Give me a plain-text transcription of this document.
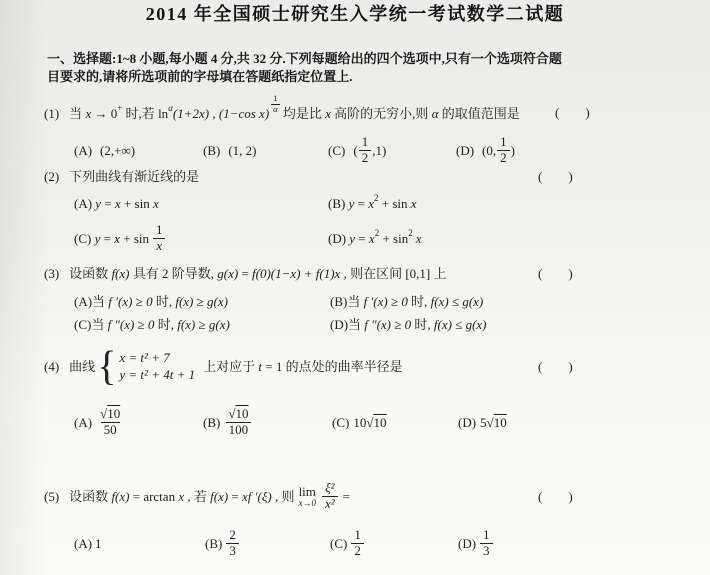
2014 年全国硕士研究生入学统一考试数学二试题
一、选择题:1~8 小题,每小题 4 分,共 32 分.下列每题给出的四个选项中,只有一个选项符合题
目要求的,请将所选项前的字母填在答题纸指定位置上.
(1) 当 x → 0 + 时,若 ln α (1+2x) , (1−cos $x) \frac{1}{\alpha}$ 均是比 x 高阶的无穷小,则 α 的取值范围是	( )
(A) (2,+∞)	(B) (1, 2)	(C) ( $\frac{1}{2} ,1$)	(D) (0, $\frac{1}{2}$ )
(2) 下列曲线有渐近线的是	( )
(A) y = x + sin x	(B) y = x 2 + sin x
(C) $y = x + \sin \frac{1}{x}$	(D) y = x 2 + sin 2 x
(3) 设函数 f(x) 具有 2 阶导数, g(x) = f(0)(1−x) + f(1)x , 则在区间 [0,1] 上	( )
(A)当 f ′(x) ≥ 0 时, f(x) ≥ g(x)	(B)当 f ′(x) ≥ 0 时, f(x) ≤ g(x)
(C)当 f ″(x) ≥ 0 时, f(x) ≥ g(x)	(D)当 f ″(x) ≥ 0 时, f(x) ≤ g(x)
(4) 曲线 { x = t² + 7
y = t² + 4t + 1
上对应于 t = 1 的点处的曲率半径是	( )
$(A) \frac{√10}{50}$	$(B) \frac{√10}{100}$	(C) 10 √10	(D) 5 √10
(5) 设函数 f(x) = arctan x , 若 f(x) = xf ′(ξ) , 则 lim
$x\to 0 \frac{\text{ξ²}}{\text{x²}}$ =	( )
(A) 1	$(B) \frac{2}{3}$	$(C) \frac{1}{2}$	$(D) \frac{1}{3}$
